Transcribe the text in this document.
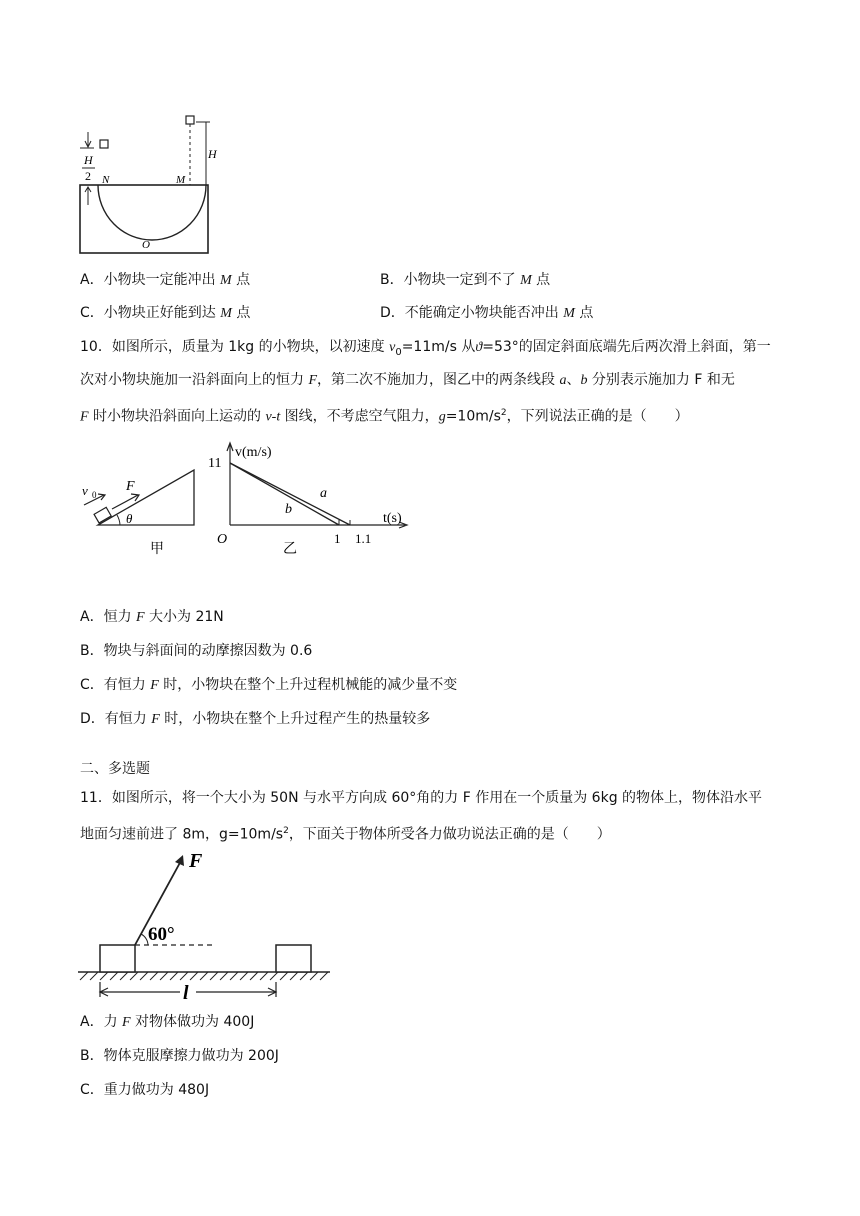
H
H
2 N	M
O
A．小物块一定能冲出 M 点	B．小物块一定到不了 M 点
C．小物块正好能到达 M 点	D．不能确定小物块能否冲出 M 点
10．如图所示，质量为 1kg 的小物块，以初速度 $v_0=11m/s$ 从ϑ=53°的固定斜面底端先后两次滑上斜面，第一
次对小物块施加一沿斜面向上的恒力 F，第二次不施加力，图乙中的两条线段 a、b 分别表示施加力 F 和无
F 时小物块沿斜面向上运动的 v-t 图线，不考虑空气阻力，$g=10m/s^2$，下列说法正确的是（　　）
v 0
F
θ
甲
v(m/s)
11
O
t(s)
1 1.1
a
b
乙
A．恒力 F 大小为 21N
B．物块与斜面间的动摩擦因数为 0.6
C．有恒力 F 时，小物块在整个上升过程机械能的减少量不变
D．有恒力 F 时，小物块在整个上升过程产生的热量较多
二、多选题
11．如图所示，将一个大小为 50N 与水平方向成 60°角的力 F 作用在一个质量为 6kg 的物体上，物体沿水平
地面匀速前进了 8m，$g=10m/s^2$，下面关于物体所受各力做功说法正确的是（　　）
F
60°
l
A．力 F 对物体做功为 400J
B．物体克服摩擦力做功为 200J
C．重力做功为 480J
